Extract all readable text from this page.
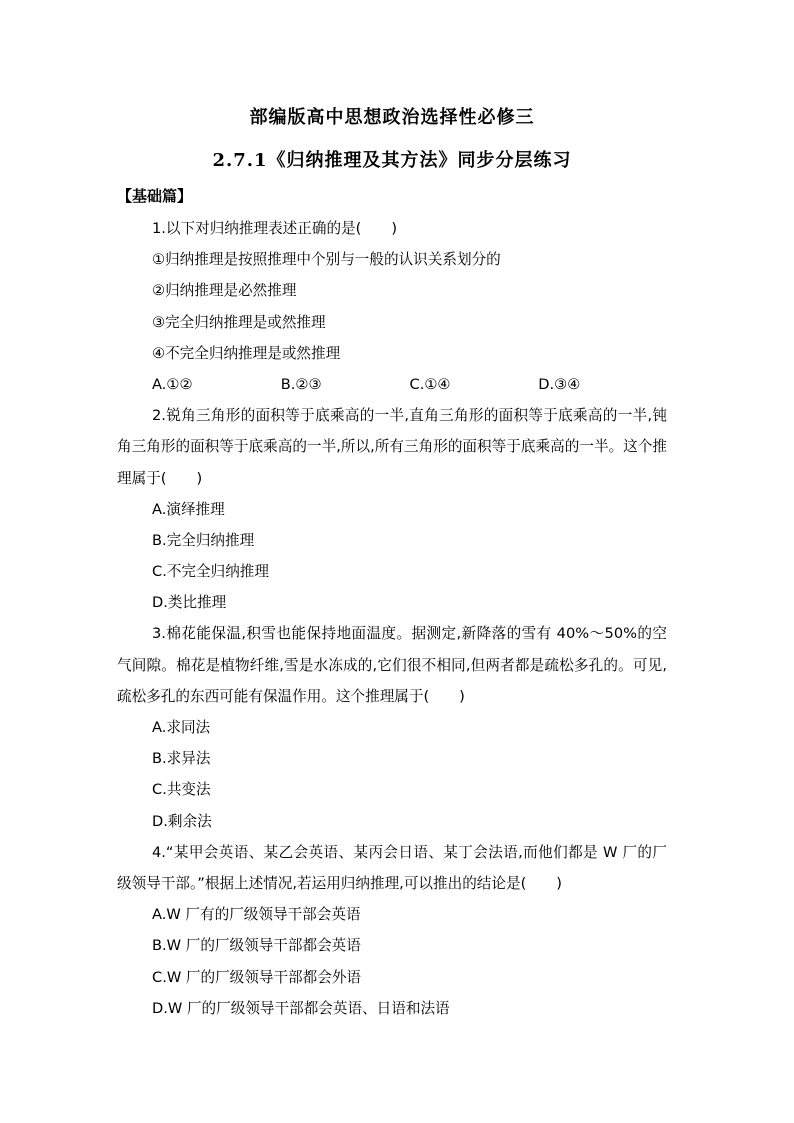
部编版高中思想政治选择性必修三
2.7.1《归纳推理及其方法》同步分层练习
【基础篇】
1.以下对归纳推理表述正确的是( )
①归纳推理是按照推理中个别与一般的认识关系划分的
②归纳推理是必然推理
③完全归纳推理是或然推理
④不完全归纳推理是或然推理
A.①②	B.②③	C.①④	D.③④
2.锐角三角形的面积等于底乘高的一半,直角三角形的面积等于底乘高的一半,钝角三角形的面积等于底乘高的一半,所以,所有三角形的面积等于底乘高的一半。这个推理属于( )
A.演绎推理
B.完全归纳推理
C.不完全归纳推理
D.类比推理
3.棉花能保温,积雪也能保持地面温度。据测定,新降落的雪有 40%～50%的空气间隙。棉花是植物纤维,雪是水冻成的,它们很不相同,但两者都是疏松多孔的。可见,疏松多孔的东西可能有保温作用。这个推理属于( )
A.求同法
B.求异法
C.共变法
D.剩余法
4.“某甲会英语、某乙会英语、某丙会日语、某丁会法语,而他们都是 W 厂的厂级领导干部。”根据上述情况,若运用归纳推理,可以推出的结论是( )
A.W 厂有的厂级领导干部会英语
B.W 厂的厂级领导干部都会英语
C.W 厂的厂级领导干部都会外语
D.W 厂的厂级领导干部都会英语、日语和法语
